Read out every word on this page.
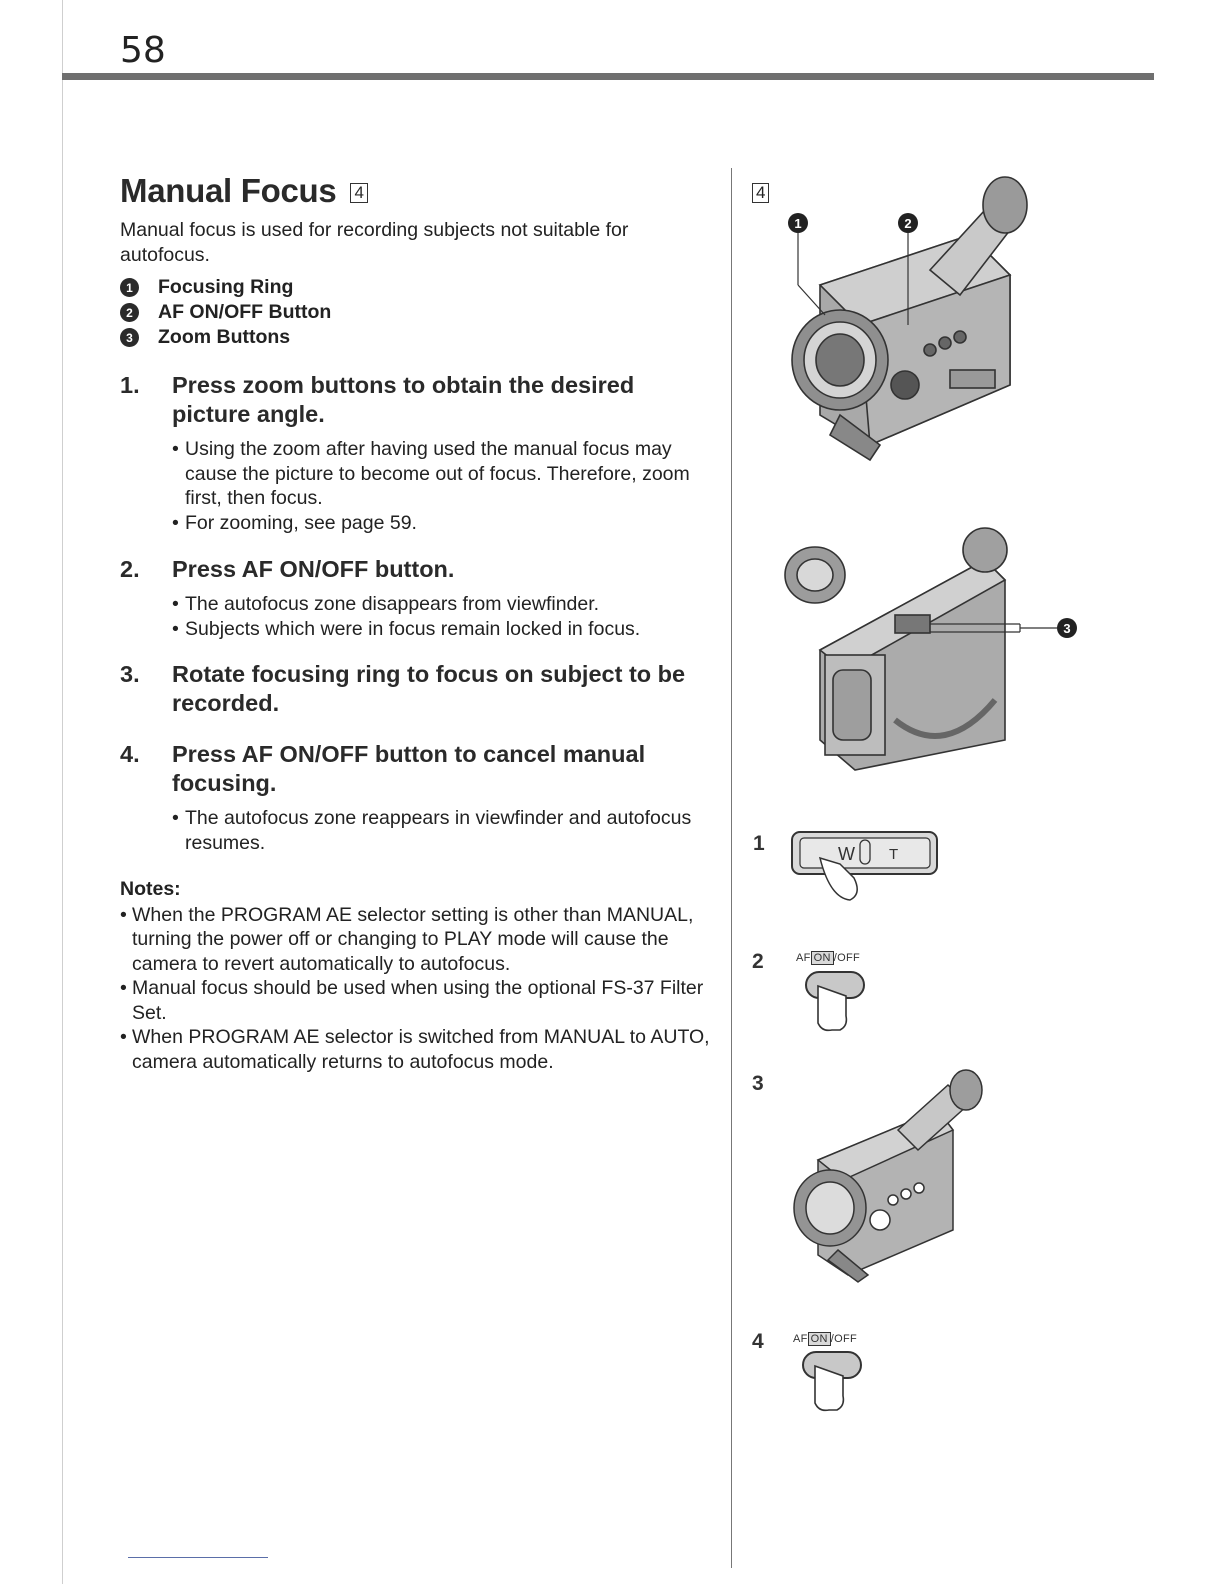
58
Manual Focus 4
Manual focus is used for recording subjects not suitable for autofocus.
1	Focusing Ring
2	AF ON/OFF Button
3	Zoom Buttons
1.	Press zoom buttons to obtain the desired picture angle.
• Using the zoom after having used the manual focus may cause the picture to become out of focus. Therefore, zoom first, then focus.
• For zooming, see page 59.
2.	Press AF ON/OFF button.
• The autofocus zone disappears from viewfinder.
• Subjects which were in focus remain locked in focus.
3.	Rotate focusing ring to focus on subject to be recorded.
4.	Press AF ON/OFF button to cancel manual focusing.
• The autofocus zone reappears in viewfinder and autofocus resumes.
Notes:
• When the PROGRAM AE selector setting is other than MANUAL, turning the power off or changing to PLAY mode will cause the camera to revert automatically to autofocus.
• Manual focus should be used when using the optional FS-37 Filter Set.
• When PROGRAM AE selector is switched from MANUAL to AUTO, camera automatically returns to autofocus mode.
4
1	2
3
1	W T
2	AF ON /OFF
3
4	AF ON /OFF
